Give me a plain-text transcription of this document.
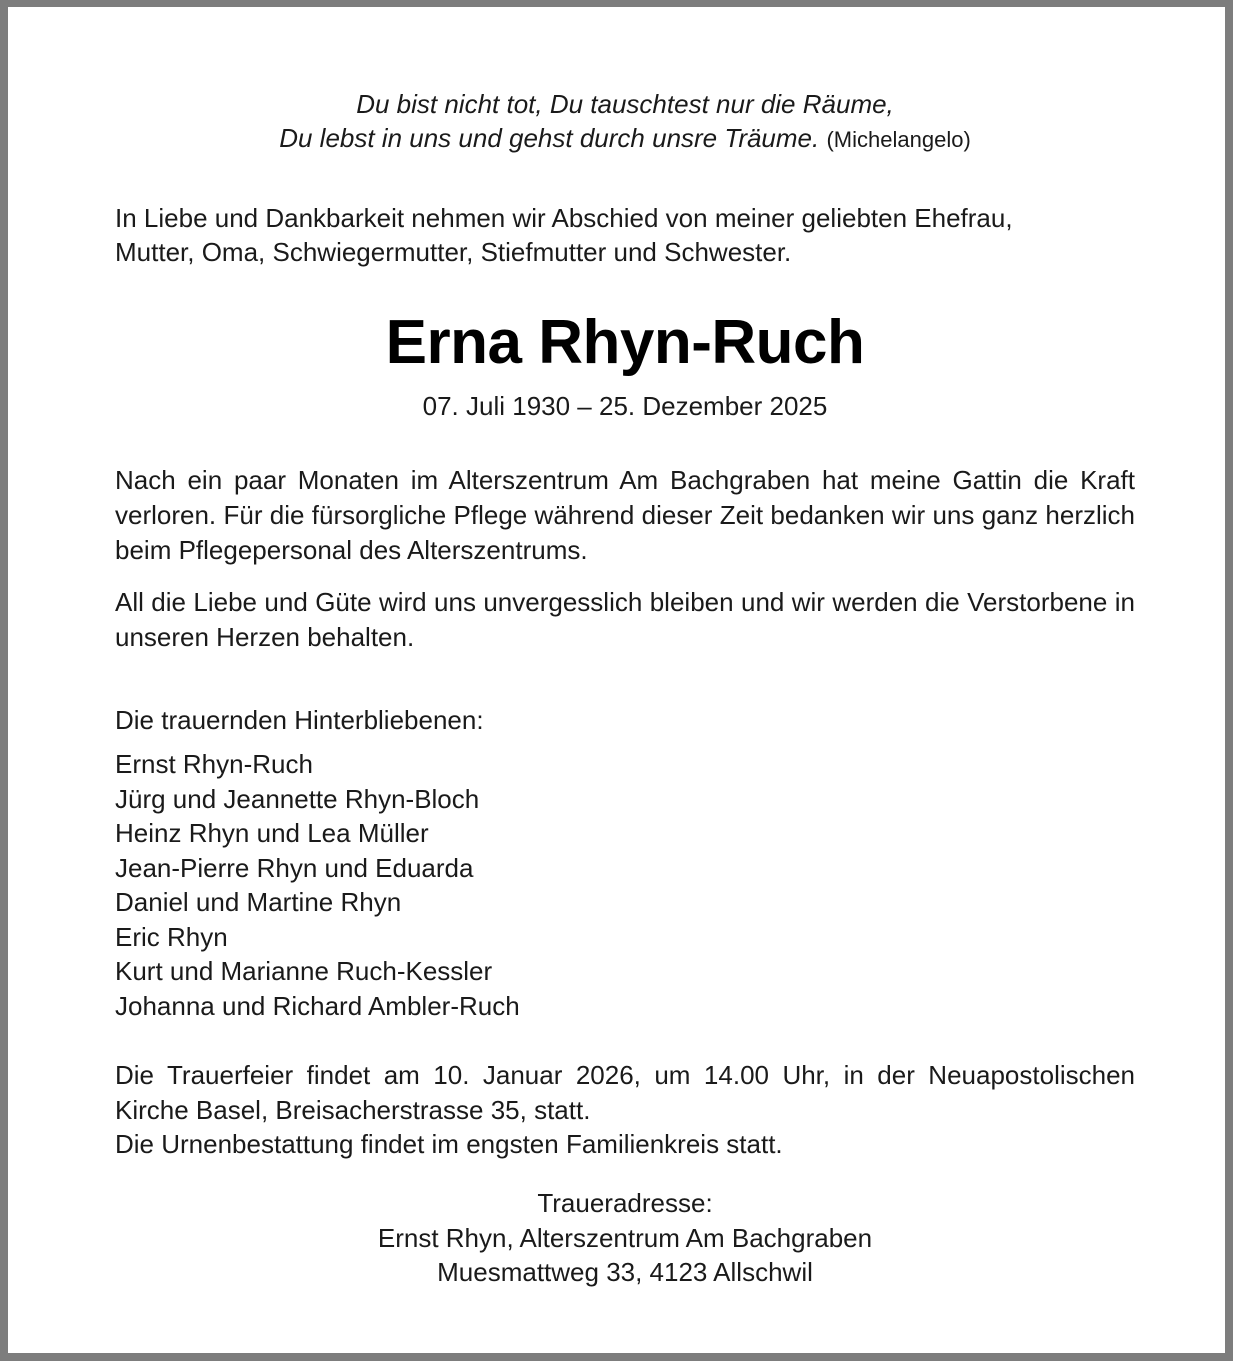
Du bist nicht tot, Du tauschtest nur die Räume,
Du lebst in uns und gehst durch unsre Träume. (Michelangelo)
In Liebe und Dankbarkeit nehmen wir Abschied von meiner geliebten Ehefrau,
Mutter, Oma, Schwiegermutter, Stiefmutter und Schwester.
Erna Rhyn-Ruch
07. Juli 1930 – 25. Dezember 2025
Nach ein paar Monaten im Alterszentrum Am Bachgraben hat meine Gattin die Kraft verloren. Für die fürsorgliche Pflege während dieser Zeit bedanken wir uns ganz herzlich beim Pflegepersonal des Alterszentrums.
All die Liebe und Güte wird uns unvergesslich bleiben und wir werden die Verstorbene in unseren Herzen behalten.
Die trauernden Hinterbliebenen:
Ernst Rhyn-Ruch
Jürg und Jeannette Rhyn-Bloch
Heinz Rhyn und Lea Müller
Jean-Pierre Rhyn und Eduarda
Daniel und Martine Rhyn
Eric Rhyn
Kurt und Marianne Ruch-Kessler
Johanna und Richard Ambler-Ruch
Die Trauerfeier findet am 10. Januar 2026, um 14.00 Uhr, in der Neuapostolischen Kirche Basel, Breisacherstrasse 35, statt.
Die Urnenbestattung findet im engsten Familienkreis statt.
Traueradresse:
Ernst Rhyn, Alterszentrum Am Bachgraben
Muesmattweg 33, 4123 Allschwil
